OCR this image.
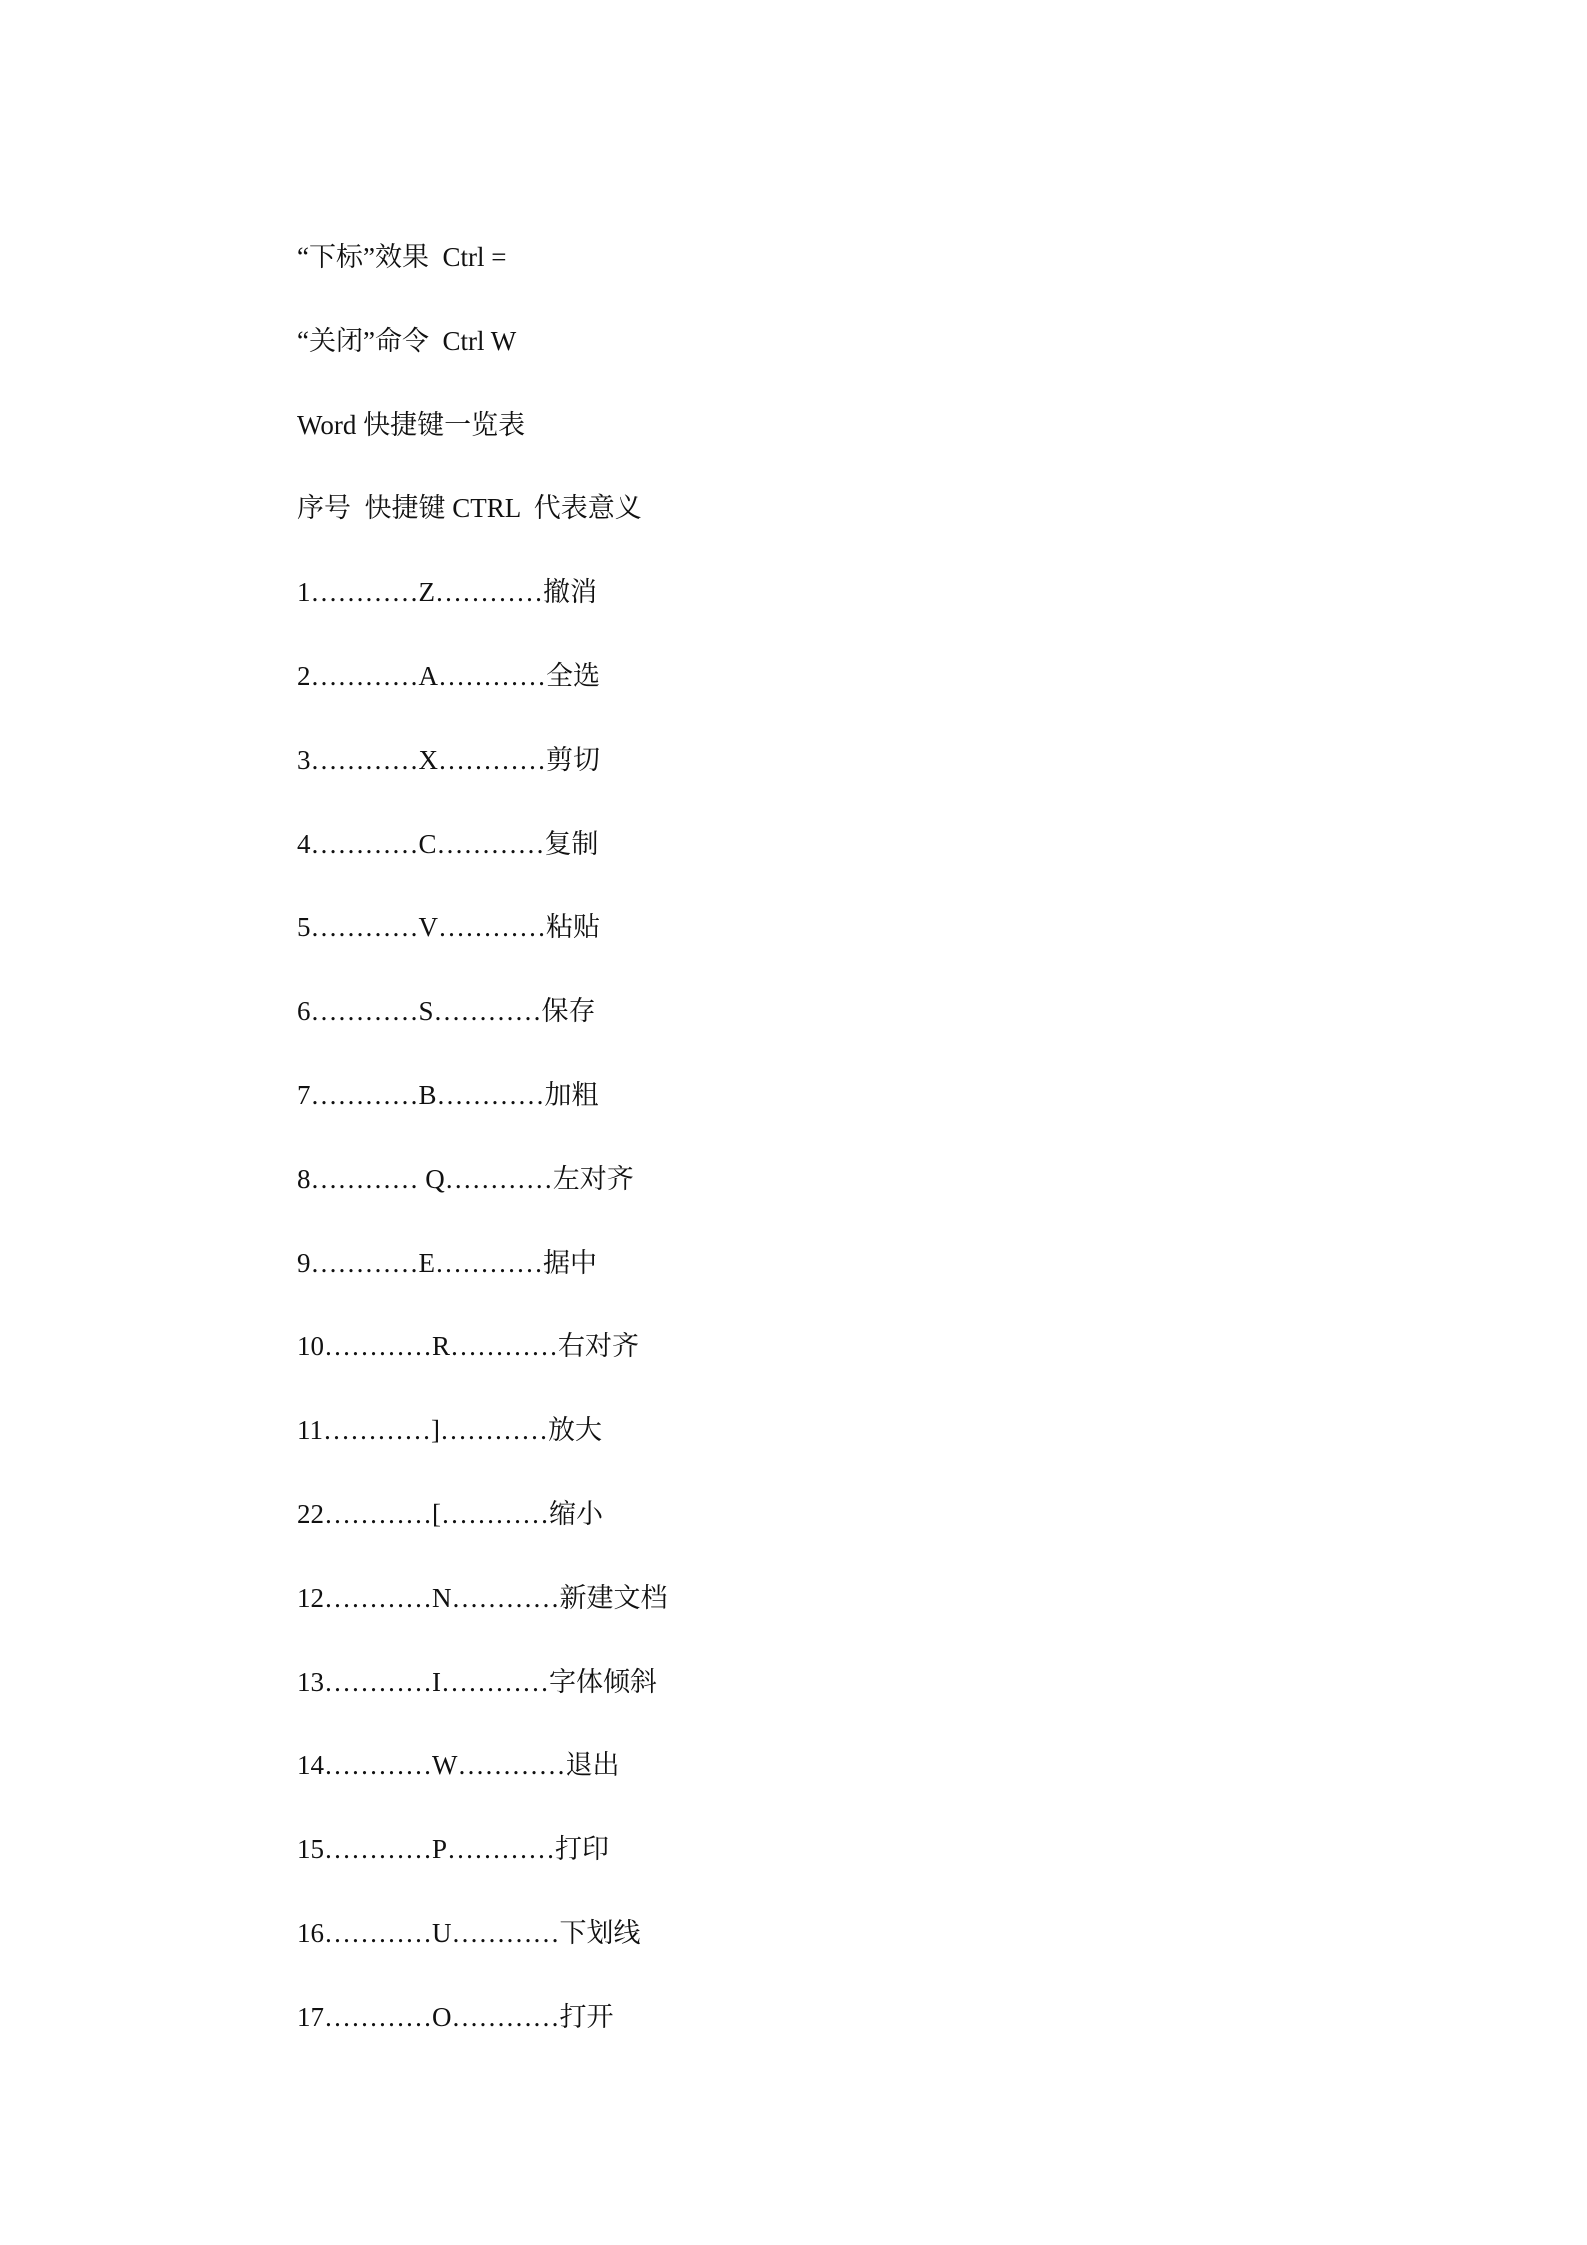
“下标”效果  Ctrl =
“关闭”命令  Ctrl W
Word 快捷键一览表
序号 快捷键 CTRL 代表意义
1…………Z…………撤消
2…………A…………全选
3…………X…………剪切
4…………C…………复制
5…………V…………粘贴
6…………S…………保存
7…………B…………加粗
8………… Q…………左对齐
9…………E…………据中
10…………R…………右对齐
11…………]…………放大
22…………[…………缩小
12…………N…………新建文档
13…………I…………字体倾斜
14…………W…………退出
15…………P…………打印
16…………U…………下划线
17…………O…………打开
